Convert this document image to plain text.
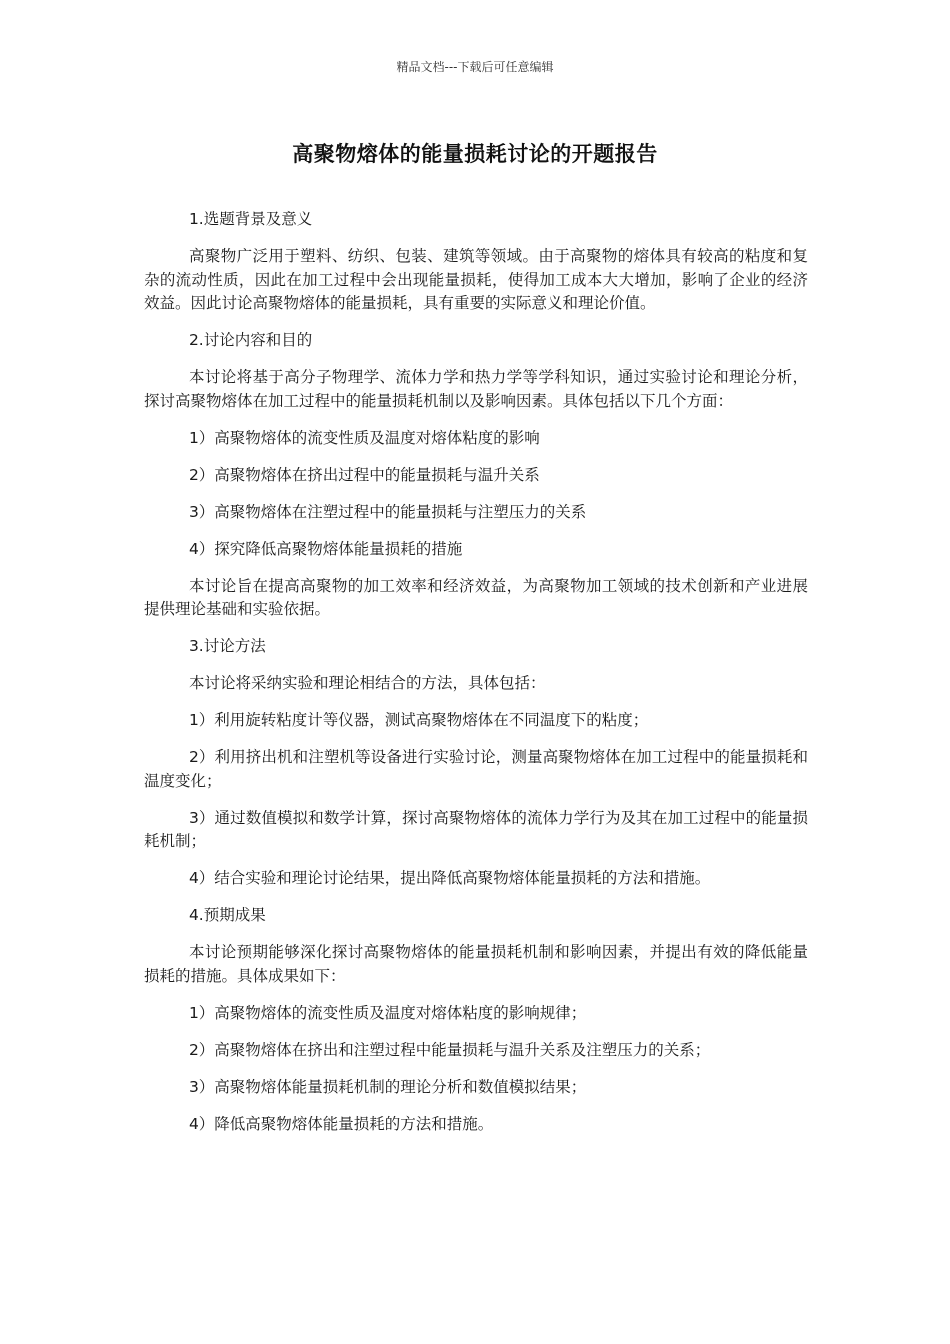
精品文档---下载后可任意编辑
高聚物熔体的能量损耗讨论的开题报告

1.选题背景及意义

高聚物广泛用于塑料、纺织、包装、建筑等领域。由于高聚物的熔体具有较高的粘度和复杂的流动性质，因此在加工过程中会出现能量损耗，使得加工成本大大增加，影响了企业的经济效益。因此讨论高聚物熔体的能量损耗，具有重要的实际意义和理论价值。

2.讨论内容和目的

本讨论将基于高分子物理学、流体力学和热力学等学科知识，通过实验讨论和理论分析，探讨高聚物熔体在加工过程中的能量损耗机制以及影响因素。具体包括以下几个方面：

1）高聚物熔体的流变性质及温度对熔体粘度的影响

2）高聚物熔体在挤出过程中的能量损耗与温升关系

3）高聚物熔体在注塑过程中的能量损耗与注塑压力的关系

4）探究降低高聚物熔体能量损耗的措施

本讨论旨在提高高聚物的加工效率和经济效益，为高聚物加工领域的技术创新和产业进展提供理论基础和实验依据。

3.讨论方法

本讨论将采纳实验和理论相结合的方法，具体包括：

1）利用旋转粘度计等仪器，测试高聚物熔体在不同温度下的粘度；

2）利用挤出机和注塑机等设备进行实验讨论，测量高聚物熔体在加工过程中的能量损耗和温度变化；

3）通过数值模拟和数学计算，探讨高聚物熔体的流体力学行为及其在加工过程中的能量损耗机制；

4）结合实验和理论讨论结果，提出降低高聚物熔体能量损耗的方法和措施。

4.预期成果

本讨论预期能够深化探讨高聚物熔体的能量损耗机制和影响因素，并提出有效的降低能量损耗的措施。具体成果如下：

1）高聚物熔体的流变性质及温度对熔体粘度的影响规律；

2）高聚物熔体在挤出和注塑过程中能量损耗与温升关系及注塑压力的关系；

3）高聚物熔体能量损耗机制的理论分析和数值模拟结果；

4）降低高聚物熔体能量损耗的方法和措施。
